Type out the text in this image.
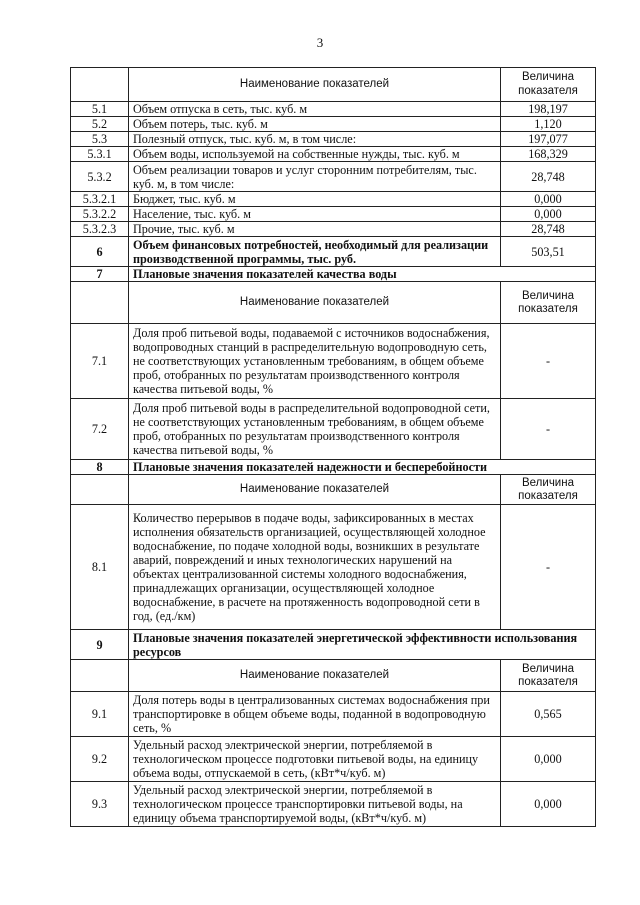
3
	Наименование показателей	Величина показателя
5.1	Объем отпуска в сеть, тыс. куб. м	198,197
5.2	Объем потерь, тыс. куб. м	1,120
5.3	Полезный отпуск, тыс. куб. м, в том числе:	197,077
5.3.1	Объем воды, используемой на собственные нужды, тыс. куб. м	168,329
5.3.2	Объем реализации товаров и услуг сторонним потребителям, тыс. куб. м, в том числе:	28,748
5.3.2.1	Бюджет, тыс. куб. м	0,000
5.3.2.2	Население, тыс. куб. м	0,000
5.3.2.3	Прочие, тыс. куб. м	28,748
6	Объем финансовых потребностей, необходимый для реализации производственной программы, тыс. руб.	503,51
7	Плановые значения показателей качества воды	
	Наименование показателей	Величина показателя
7.1	Доля проб питьевой воды, подаваемой с источников водоснабжения, водопроводных станций в распределительную водопроводную сеть, не соответствующих установленным требованиям, в общем объеме проб, отобранных по результатам производственного контроля качества питьевой воды, %	-
7.2	Доля проб питьевой воды в распределительной водопроводной сети, не соответствующих установленным требованиям, в общем объеме проб, отобранных по результатам производственного контроля качества питьевой воды, %	-
8	Плановые значения показателей надежности и бесперебойности	
	Наименование показателей	Величина показателя
8.1	Количество перерывов в подаче воды, зафиксированных в местах исполнения обязательств организацией, осуществляющей холодное водоснабжение, по подаче холодной воды, возникших в результате аварий, повреждений и иных технологических нарушений на объектах централизованной системы холодного водоснабжения, принадлежащих организации, осуществляющей холодное водоснабжение, в расчете на протяженность водопроводной сети в год, (ед./км)	-
9	Плановые значения показателей энергетической эффективности использования ресурсов	
	Наименование показателей	Величина показателя
9.1	Доля потерь воды в централизованных системах водоснабжения при транспортировке в общем объеме воды, поданной в водопроводную сеть, %	0,565
9.2	Удельный расход электрической энергии, потребляемой в технологическом процессе подготовки питьевой воды, на единицу объема воды, отпускаемой в сеть, (кВт*ч/куб. м)	0,000
9.3	Удельный расход электрической энергии, потребляемой в технологическом процессе транспортировки питьевой воды, на единицу объема транспортируемой воды, (кВт*ч/куб. м)	0,000
